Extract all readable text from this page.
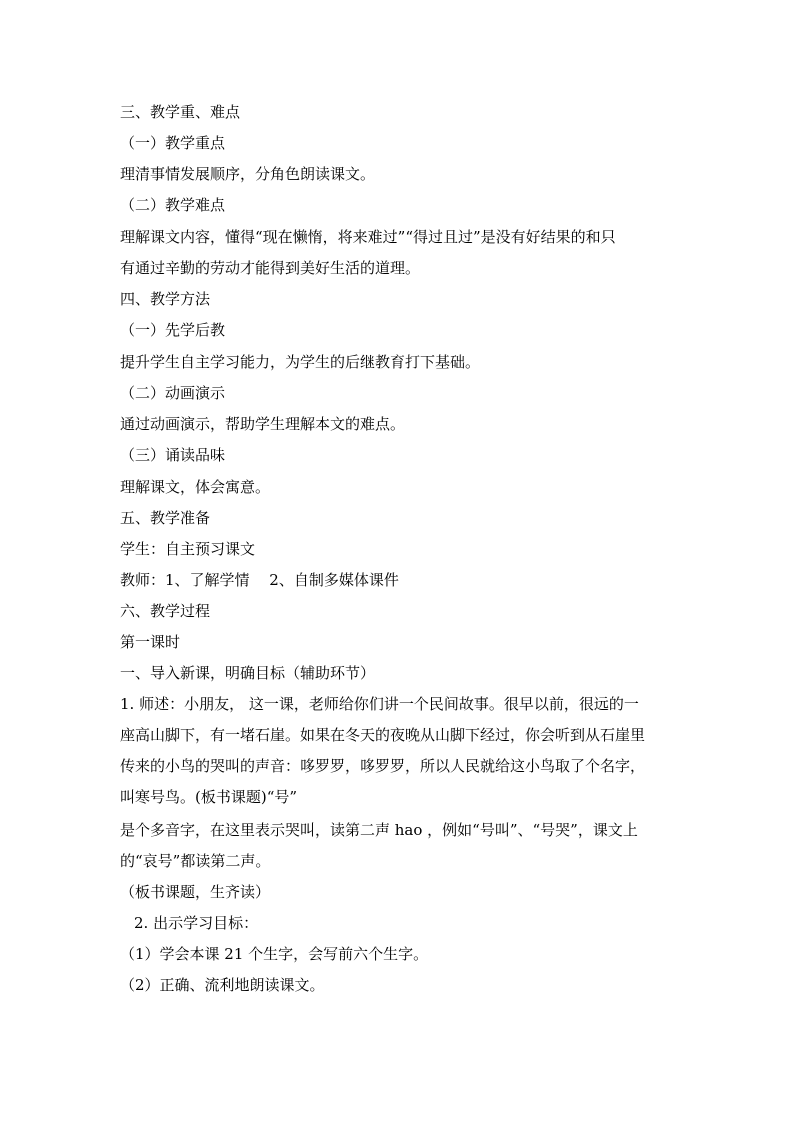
三、教学重、难点
（一）教学重点
理清事情发展顺序，分角色朗读课文。
（二）教学难点
理解课文内容，懂得“现在懒惰，将来难过”“得过且过”是没有好结果的和只
有通过辛勤的劳动才能得到美好生活的道理。
四、教学方法
（一）先学后教
提升学生自主学习能力，为学生的后继教育打下基础。
（二）动画演示
通过动画演示，帮助学生理解本文的难点。
（三）诵读品味
理解课文，体会寓意。
五、教学准备
学生：自主预习课文
教师：1、了解学情　 2、自制多媒体课件
六、教学过程
第一课时
一、导入新课，明确目标（辅助环节）
1. 师述：小朋友， 这一课，老师给你们讲一个民间故事。很早以前，很远的一
座高山脚下，有一堵石崖。如果在冬天的夜晚从山脚下经过，你会听到从石崖里
传来的小鸟的哭叫的声音：哆罗罗，哆罗罗，所以人民就给这小鸟取了个名字，
叫寒号鸟。(板书课题)“号”
是个多音字，在这里表示哭叫，读第二声 hao ，例如“号叫”、“号哭”，课文上
的“哀号”都读第二声。
（板书课题，生齐读）
2. 出示学习目标：
（1）学会本课 21 个生字，会写前六个生字。
（2）正确、流利地朗读课文。
